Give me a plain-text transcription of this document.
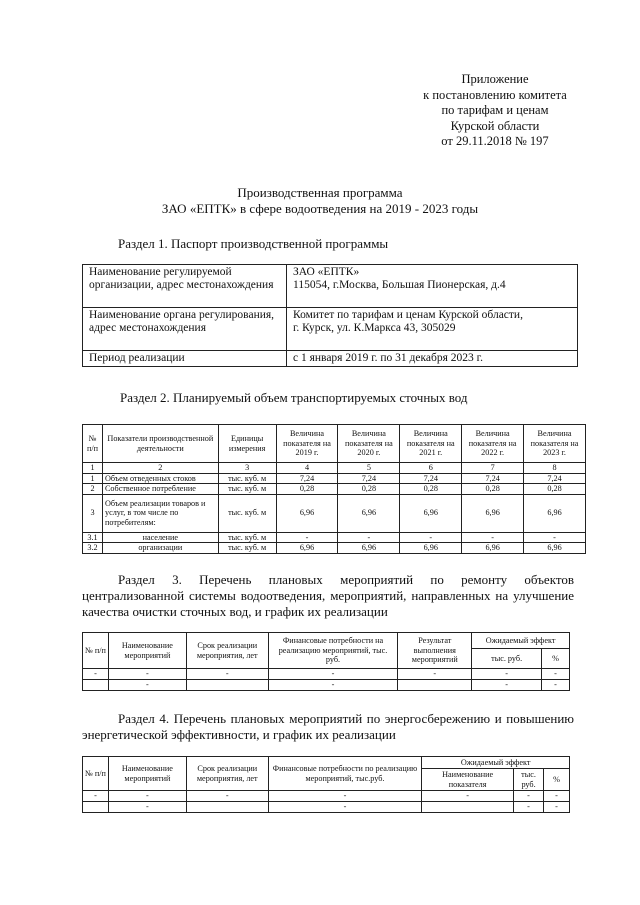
Приложение
к постановлению комитета
по тарифам и ценам
Курской области
от 29.11.2018 № 197
Производственная программа
ЗАО «ЕПТК» в сфере водоотведения на 2019 - 2023 годы
Раздел 1. Паспорт производственной программы
Наименование регулируемой организации, адрес местонахождения	ЗАО «ЕПТК»
115054, г.Москва, Большая Пионерская, д.4

Наименование органа регулирования, адрес местонахождения	Комитет по тарифам и ценам Курской области,
г. Курск, ул. К.Маркса 43, 305029

Период реализации	с 1 января 2019 г. по 31 декабря 2023 г.
Раздел 2. Планируемый объем транспортируемых сточных вод
№ п/п	Показатели производственной деятельности	Единицы измерения	Величина показателя на 2019 г.	Величина показателя на 2020 г.	Величина показателя на 2021 г.	Величина показателя на 2022 г.	Величина показателя на 2023 г.
1	2	3	4	5	6	7	8
1	Объем отведенных стоков	тыс. куб. м	7,24	7,24	7,24	7,24	7,24
2	Собственное потребление	тыс. куб. м	0,28	0,28	0,28	0,28	0,28
3	Объем реализации товаров и услуг, в том числе по потребителям:	тыс. куб. м	6,96	6,96	6,96	6,96	6,96
3.1	население	тыс. куб. м	-	-	-	-	-
3.2	организации	тыс. куб. м	6,96	6,96	6,96	6,96	6,96
Раздел 3. Перечень плановых мероприятий по ремонту объектов централизованной системы водоотведения, мероприятий, направленных на улучшение качества очистки сточных вод, и график их реализации
№ п/п	Наименование мероприятий	Срок реализации мероприятия, лет	Финансовые потребности на реализацию мероприятий, тыс. руб.	Результат выполнения мероприятий	Ожидаемый эффект	
					тыс. руб.	%
-	-	-	-	-	-	-
	-		-		-	-
Раздел 4. Перечень плановых мероприятий по энергосбережению и повышению энергетической эффективности, и график их реализации
№ п/п	Наименование мероприятий	Срок реализации мероприятия, лет	Финансовые потребности по реализацию мероприятий, тыс.руб.	Ожидаемый эффект		
				Наименование показателя	тыс. руб.	%
-	-	-	-	-	-	-
	-		-		-	-
